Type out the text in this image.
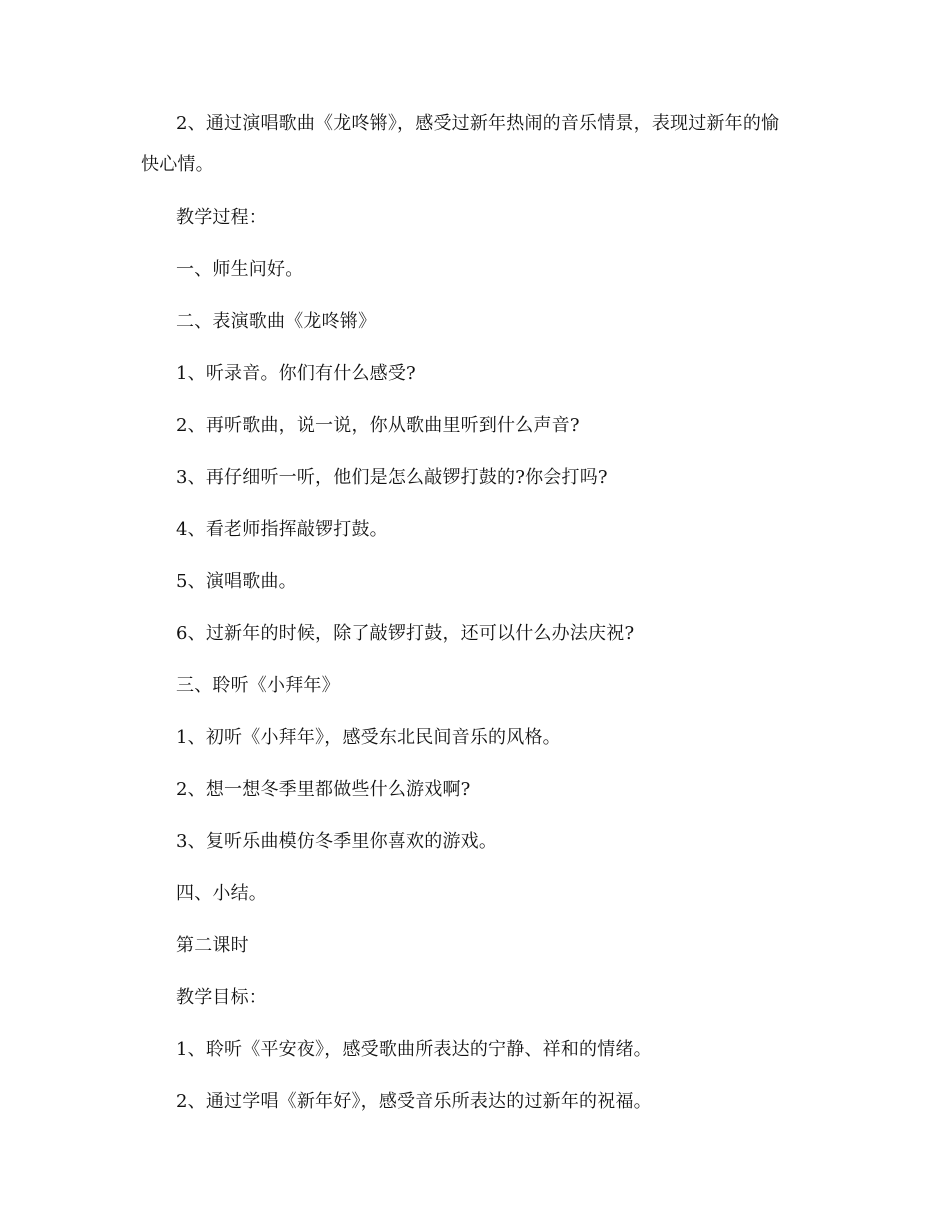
2、通过演唱歌曲《龙咚锵》，感受过新年热闹的音乐情景，表现过新年的愉
快心情。
教学过程：
一、师生问好。
二、表演歌曲《龙咚锵》
1、听录音。你们有什么感受?
2、再听歌曲，说一说，你从歌曲里听到什么声音?
3、再仔细听一听，他们是怎么敲锣打鼓的?你会打吗?
4、看老师指挥敲锣打鼓。
5、演唱歌曲。
6、过新年的时候，除了敲锣打鼓，还可以什么办法庆祝?
三、聆听《小拜年》
1、初听《小拜年》，感受东北民间音乐的风格。
2、想一想冬季里都做些什么游戏啊?
3、复听乐曲模仿冬季里你喜欢的游戏。
四、小结。
第二课时
教学目标：
1、聆听《平安夜》，感受歌曲所表达的宁静、祥和的情绪。
2、通过学唱《新年好》，感受音乐所表达的过新年的祝福。
